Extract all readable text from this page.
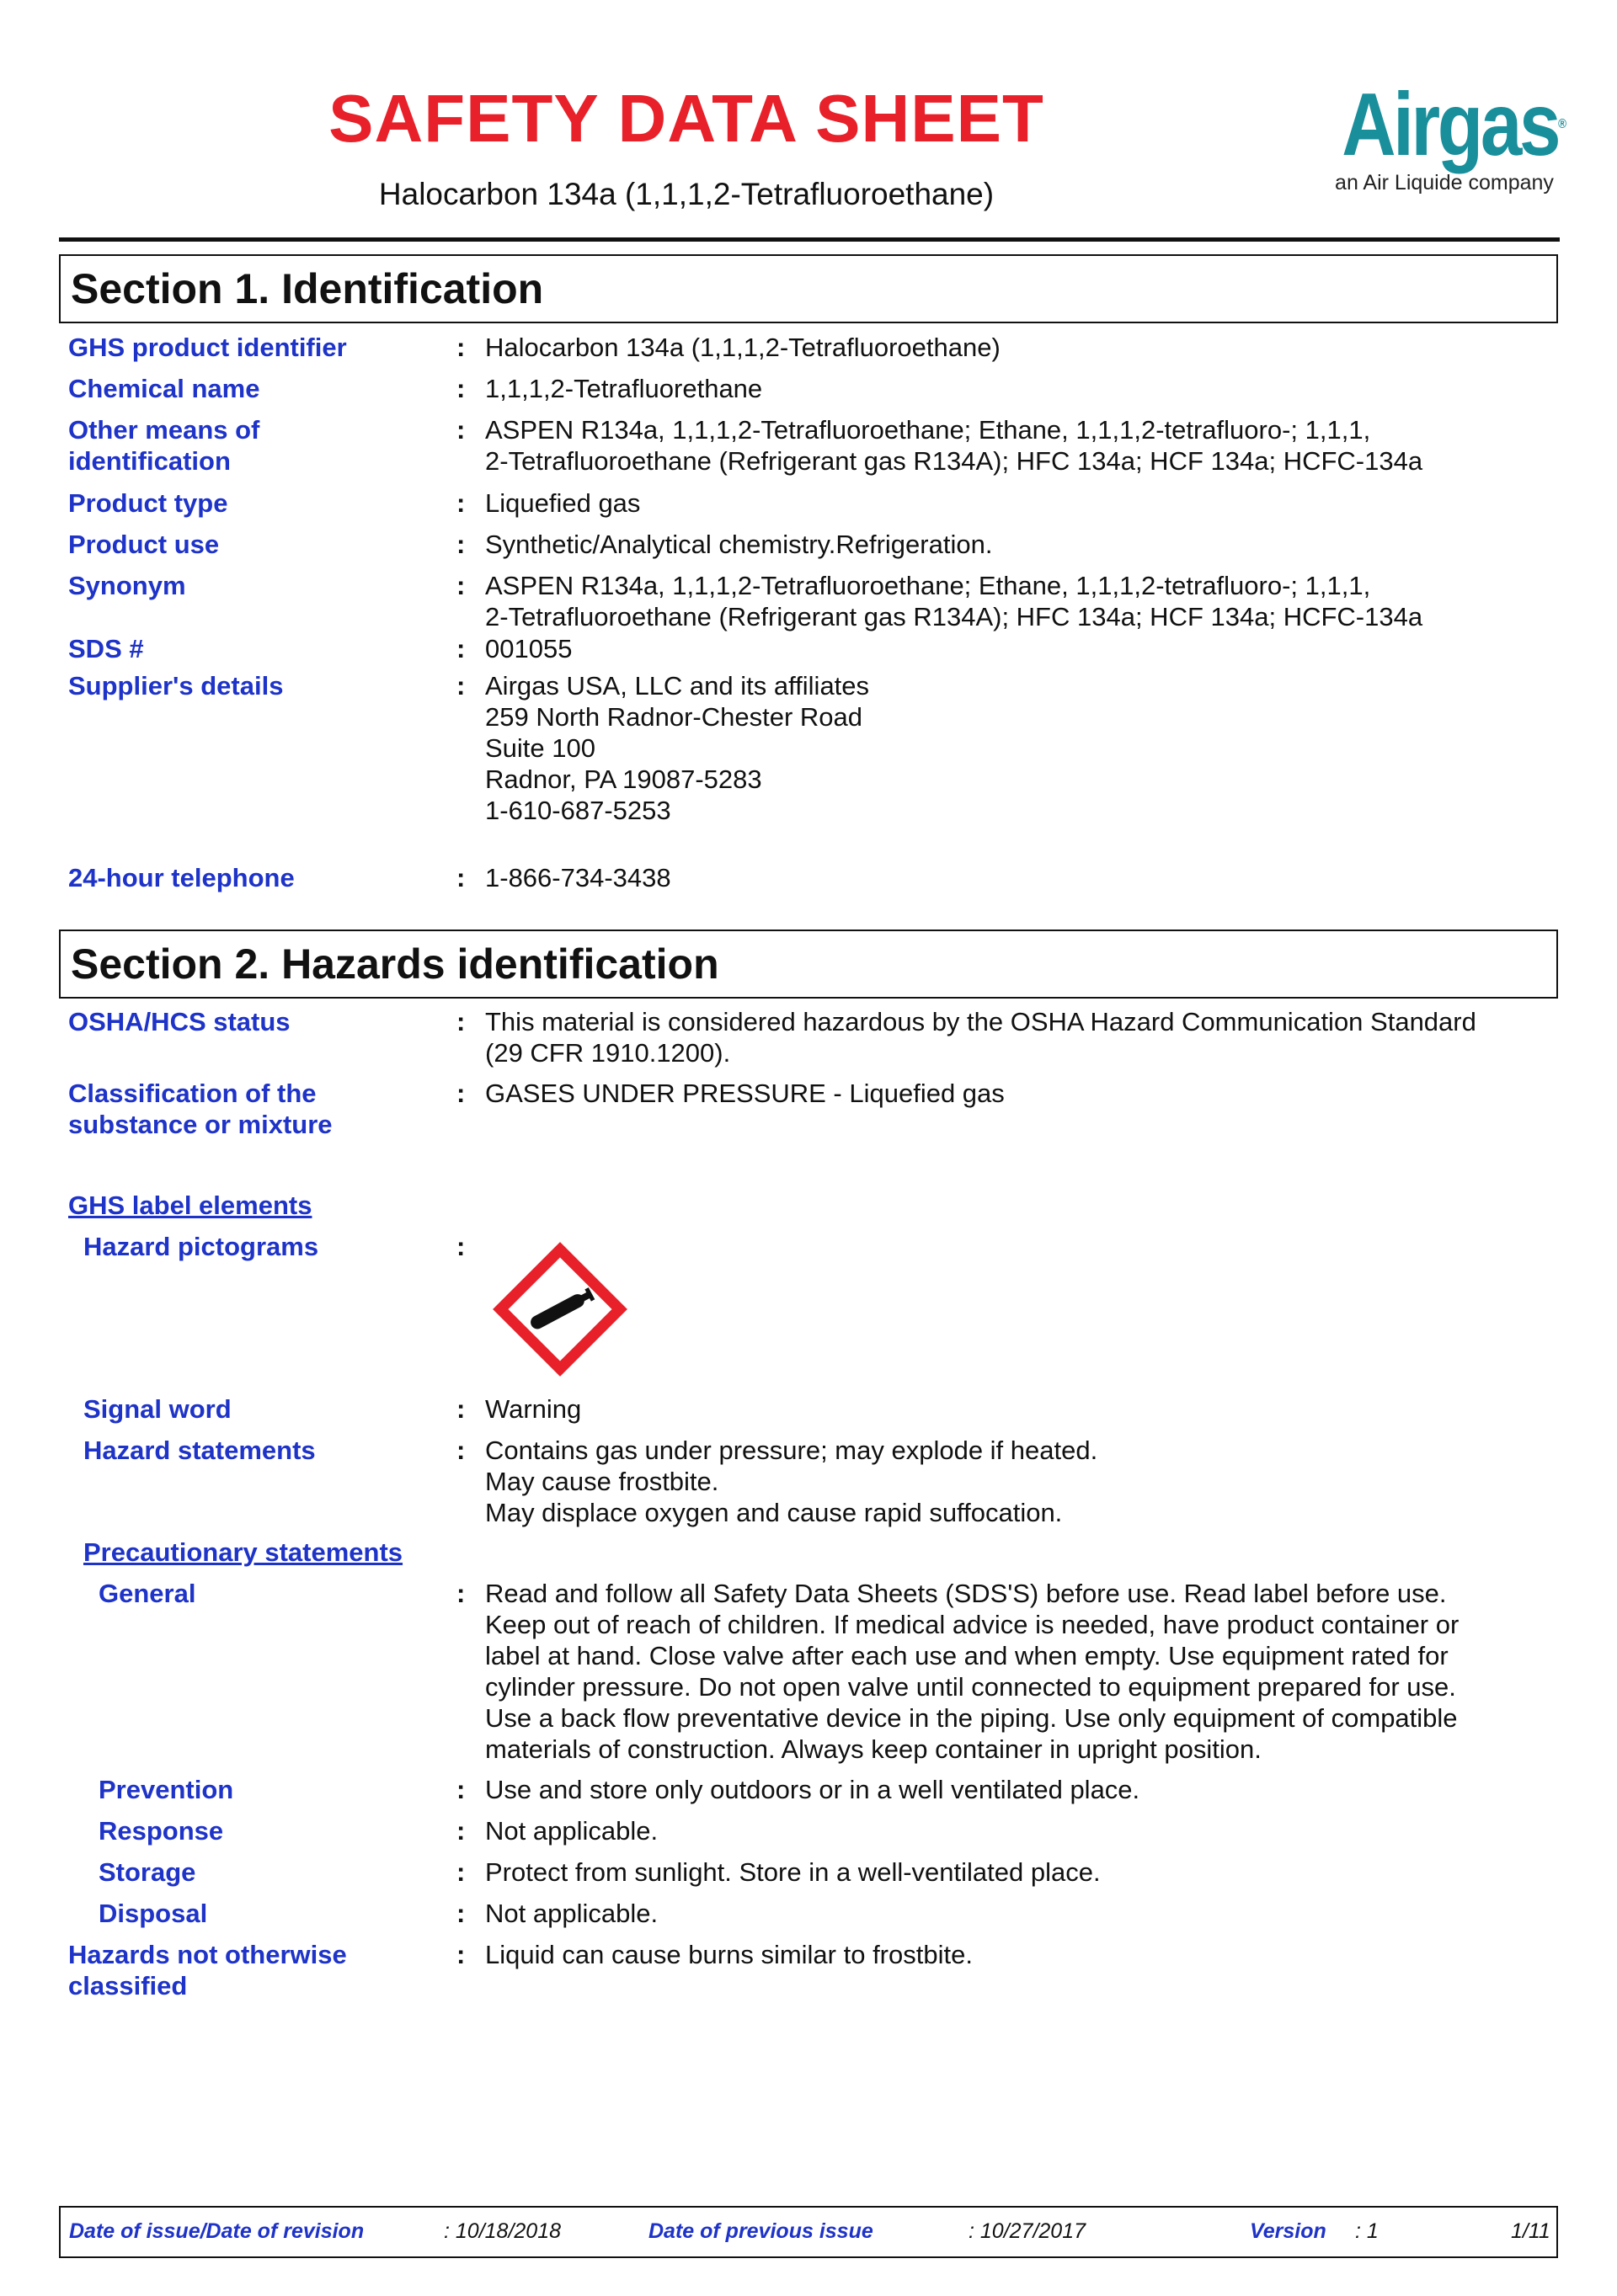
SAFETY DATA SHEET
Halocarbon 134a (1,1,1,2-Tetrafluoroethane)
Airgas®
an Air Liquide company
Section 1. Identification
GHS product identifier	: Halocarbon 134a (1,1,1,2-Tetrafluoroethane)
Chemical name	: 1,1,1,2-Tetrafluorethane
Other means of
identification
: ASPEN R134a, 1,1,1,2-Tetrafluoroethane; Ethane, 1,1,1,2-tetrafluoro-; 1,1,1,
2-Tetrafluoroethane (Refrigerant gas R134A); HFC 134a; HCF 134a; HCFC-134a
Product type	: Liquefied gas
Product use	: Synthetic/Analytical chemistry.Refrigeration.
Synonym	: ASPEN R134a, 1,1,1,2-Tetrafluoroethane; Ethane, 1,1,1,2-tetrafluoro-; 1,1,1,
2-Tetrafluoroethane (Refrigerant gas R134A); HFC 134a; HCF 134a; HCFC-134a
SDS #	: 001055
Supplier's details	: Airgas USA, LLC and its affiliates
259 North Radnor-Chester Road
Suite 100
Radnor, PA 19087-5283
1-610-687-5253
24-hour telephone	: 1-866-734-3438
Section 2. Hazards identification
OSHA/HCS status	: This material is considered hazardous by the OSHA Hazard Communication Standard
(29 CFR 1910.1200).
Classification of the
substance or mixture
: GASES UNDER PRESSURE - Liquefied gas
GHS label elements
Hazard pictograms	:
Signal word	: Warning
Hazard statements	: Contains gas under pressure; may explode if heated.
May cause frostbite.
May displace oxygen and cause rapid suffocation.
Precautionary statements
General	: Read and follow all Safety Data Sheets (SDS'S) before use. Read label before use.
Keep out of reach of children. If medical advice is needed, have product container or
label at hand. Close valve after each use and when empty. Use equipment rated for
cylinder pressure. Do not open valve until connected to equipment prepared for use.
Use a back flow preventative device in the piping. Use only equipment of compatible
materials of construction. Always keep container in upright position.
Prevention	: Use and store only outdoors or in a well ventilated place.
Response	: Not applicable.
Storage	: Protect from sunlight. Store in a well-ventilated place.
Disposal	: Not applicable.
Hazards not otherwise
classified
: Liquid can cause burns similar to frostbite.
Date of issue/Date of revision	: 10/18/2018	Date of previous issue	: 10/27/2017	Version : 1	1/11
